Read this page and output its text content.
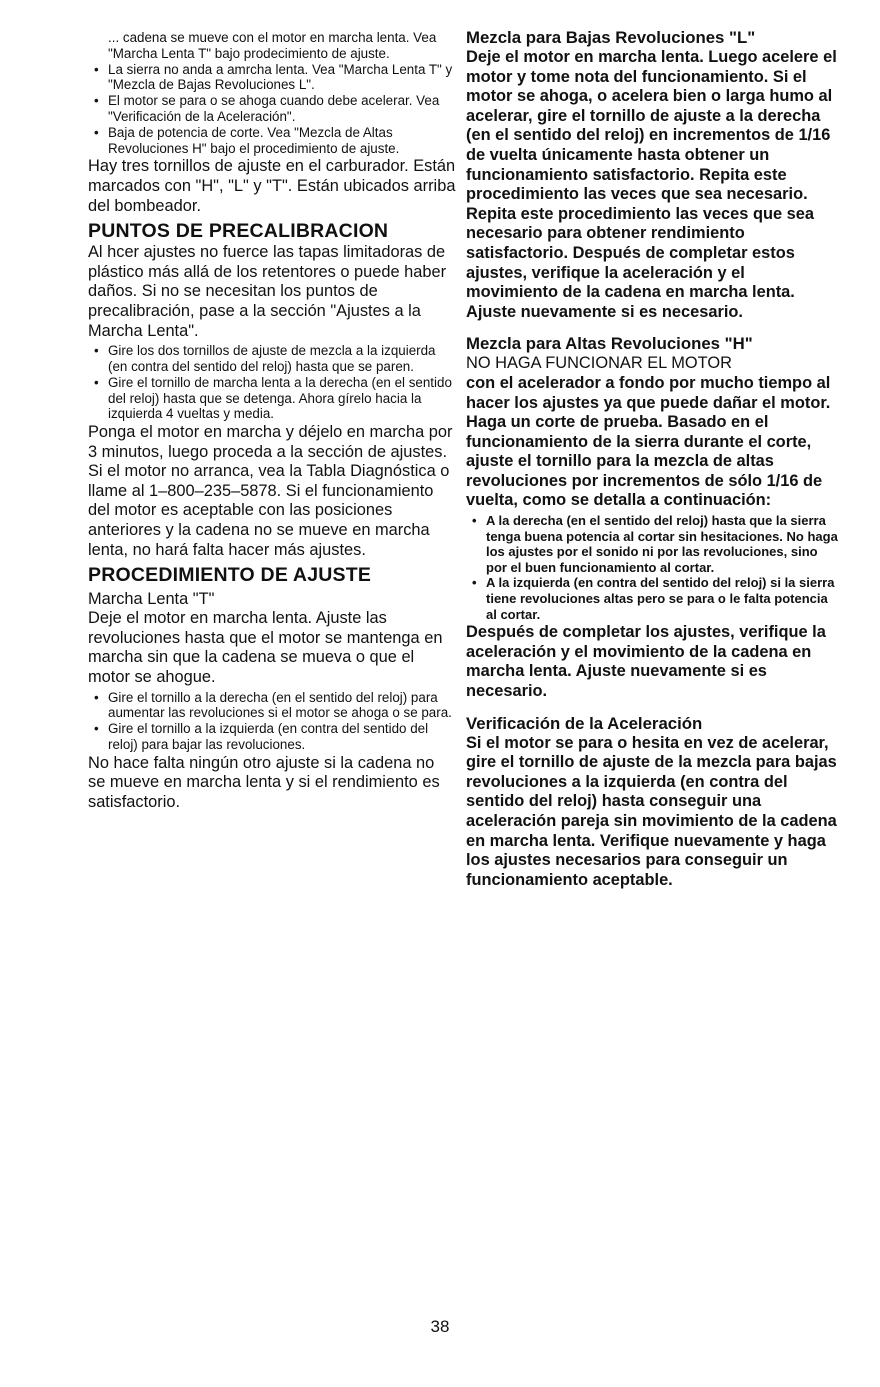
... cadena se mueve con el motor en marcha lenta. Vea "Marcha Lenta T" bajo prodecimiento de ajuste.
• La sierra no anda a amrcha lenta. Vea "Marcha Lenta T" y "Mezcla de Bajas Revoluciones L".
• El motor se para o se ahoga cuando debe acelerar. Vea "Verificación de la Aceleración".
• Baja de potencia de corte. Vea "Mezcla de Altas Revoluciones H" bajo el procedimiento de ajuste.

Hay tres tornillos de ajuste en el carburador. Están marcados con "H", "L" y "T". Están ubicados arriba del bombeador.

PUNTOS DE PRECALIBRACION

Al hcer ajustes no fuerce las tapas limitadoras de plástico más allá de los retentores o puede haber daños. Si no se necesitan los puntos de precalibración, pase a la sección "Ajustes a la Marcha Lenta".

• Gire los dos tornillos de ajuste de mezcla a la izquierda (en contra del sentido del reloj) hasta que se paren.
• Gire el tornillo de marcha lenta a la derecha (en el sentido del reloj) hasta que se detenga. Ahora gírelo hacia la izquierda 4 vueltas y media.

Ponga el motor en marcha y déjelo en marcha por 3 minutos, luego proceda a la sección de ajustes. Si el motor no arranca, vea la Tabla Diagnóstica o llame al 1–800–235–5878. Si el funcionamiento del motor es aceptable con las posiciones anteriores y la cadena no se mueve en marcha lenta, no hará falta hacer más ajustes.

PROCEDIMIENTO DE AJUSTE

Marcha Lenta "T"

Deje el motor en marcha lenta. Ajuste las revoluciones hasta que el motor se mantenga en marcha sin que la cadena se mueva o que el motor se ahogue.

• Gire el tornillo a la derecha (en el sentido del reloj) para aumentar las revoluciones si el motor se ahoga o se para.
• Gire el tornillo a la izquierda (en contra del sentido del reloj) para bajar las revoluciones.

No hace falta ningún otro ajuste si la cadena no se mueve en marcha lenta y si el rendimiento es satisfactorio.

Mezcla para Bajas Revoluciones "L"

Deje el motor en marcha lenta. Luego acelere el motor y tome nota del funcionamiento. Si el motor se ahoga, o acelera bien o larga humo al acelerar, gire el tornillo de ajuste a la derecha (en el sentido del reloj) en incrementos de 1/16 de vuelta únicamente hasta obtener un funcionamiento satisfactorio. Repita este procedimiento las veces que sea necesario. Repita este procedimiento las veces que sea necesario para obtener rendimiento satisfactorio. Después de completar estos ajustes, verifique la aceleración y el movimiento de la cadena en marcha lenta. Ajuste nuevamente si es necesario.

Mezcla para Altas Revoluciones "H"

NO HAGA FUNCIONAR EL MOTOR

con el acelerador a fondo por mucho tiempo al hacer los ajustes ya que puede dañar el motor. Haga un corte de prueba. Basado en el funcionamiento de la sierra durante el corte, ajuste el tornillo para la mezcla de altas revoluciones por incrementos de sólo 1/16 de vuelta, como se detalla a continuación:

• A la derecha (en el sentido del reloj) hasta que la sierra tenga buena potencia al cortar sin hesitaciones. No haga los ajustes por el sonido ni por las revoluciones, sino por el buen funcionamiento al cortar.
• A la izquierda (en contra del sentido del reloj) si la sierra tiene revoluciones altas pero se para o le falta potencia al cortar.

Después de completar los ajustes, verifique la aceleración y el movimiento de la cadena en marcha lenta. Ajuste nuevamente si es necesario.

Verificación de la Aceleración

Si el motor se para o hesita en vez de acelerar, gire el tornillo de ajuste de la mezcla para bajas revoluciones a la izquierda (en contra del sentido del reloj) hasta conseguir una aceleración pareja sin movimiento de la cadena en marcha lenta. Verifique nuevamente y haga los ajustes necesarios para conseguir un funcionamiento aceptable.

38
